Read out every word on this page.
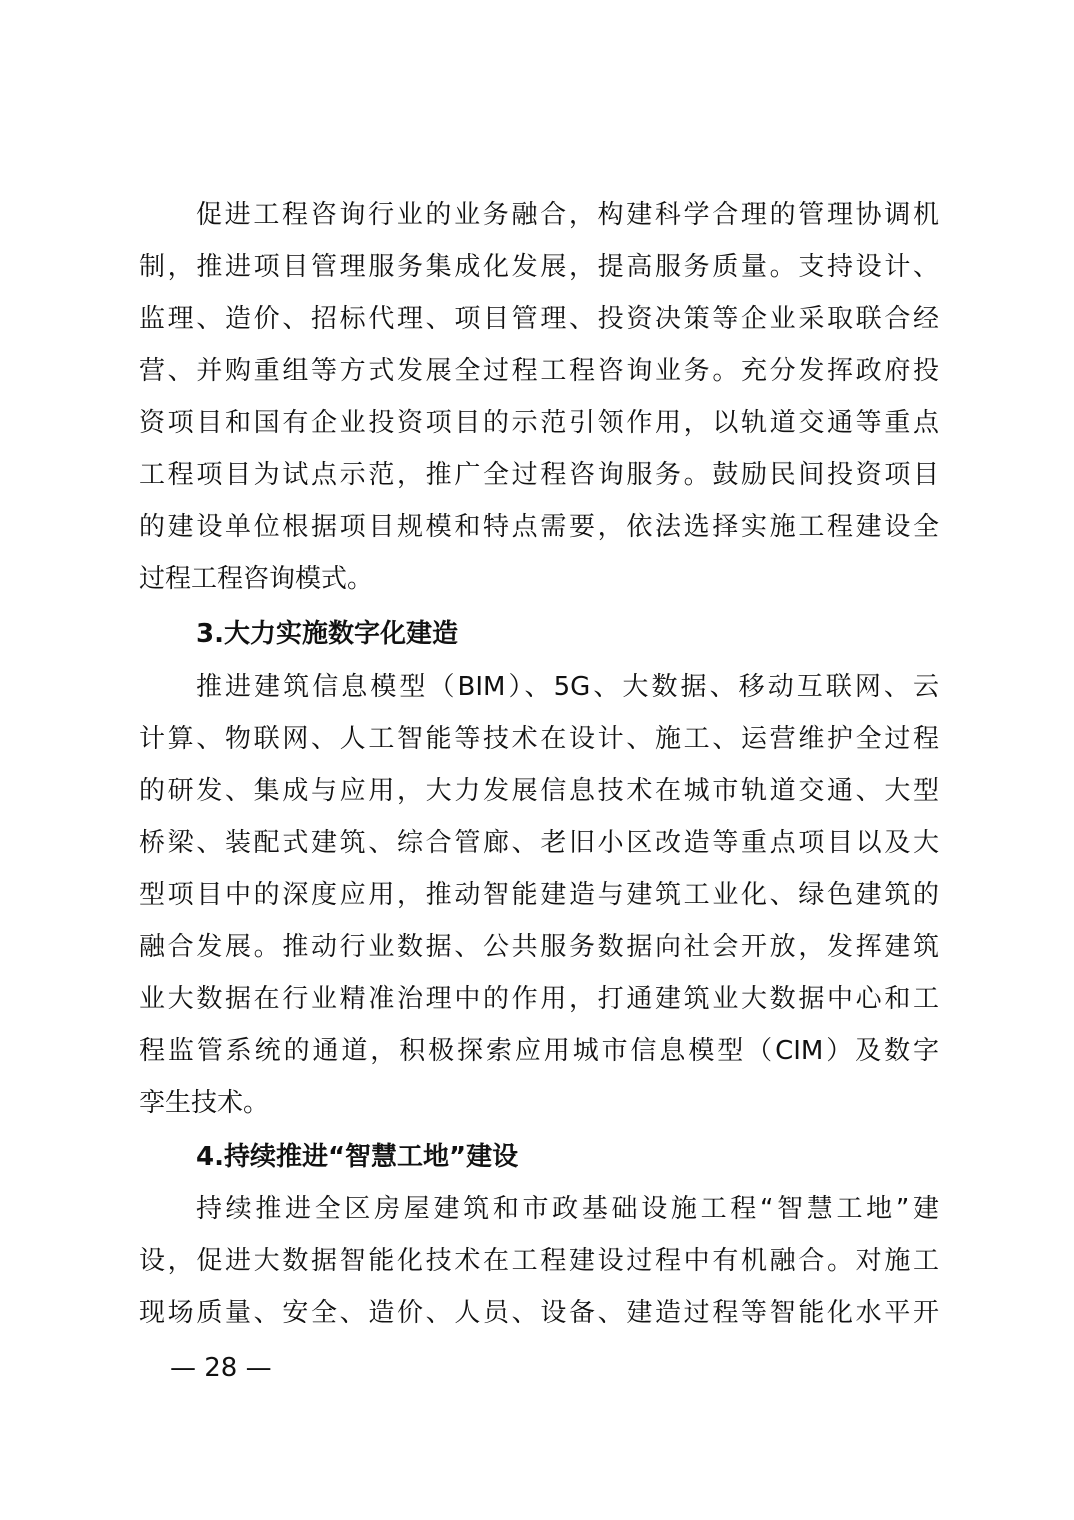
促进工程咨询行业的业务融合，构建科学合理的管理协调机
制，推进项目管理服务集成化发展，提高服务质量。支持设计、
监理、造价、招标代理、项目管理、投资决策等企业采取联合经
营、并购重组等方式发展全过程工程咨询业务。充分发挥政府投
资项目和国有企业投资项目的示范引领作用，以轨道交通等重点
工程项目为试点示范，推广全过程咨询服务。鼓励民间投资项目
的建设单位根据项目规模和特点需要，依法选择实施工程建设全
过程工程咨询模式。
3.大力实施数字化建造
推进建筑信息模型（BIM）、5G、大数据、移动互联网、云
计算、物联网、人工智能等技术在设计、施工、运营维护全过程
的研发、集成与应用，大力发展信息技术在城市轨道交通、大型
桥梁、装配式建筑、综合管廊、老旧小区改造等重点项目以及大
型项目中的深度应用，推动智能建造与建筑工业化、绿色建筑的
融合发展。推动行业数据、公共服务数据向社会开放，发挥建筑
业大数据在行业精准治理中的作用，打通建筑业大数据中心和工
程监管系统的通道，积极探索应用城市信息模型（CIM）及数字
孪生技术。
4.持续推进“智慧工地”建设
持续推进全区房屋建筑和市政基础设施工程“智慧工地”建
设，促进大数据智能化技术在工程建设过程中有机融合。对施工
现场质量、安全、造价、人员、设备、建造过程等智能化水平开
— 28 —
